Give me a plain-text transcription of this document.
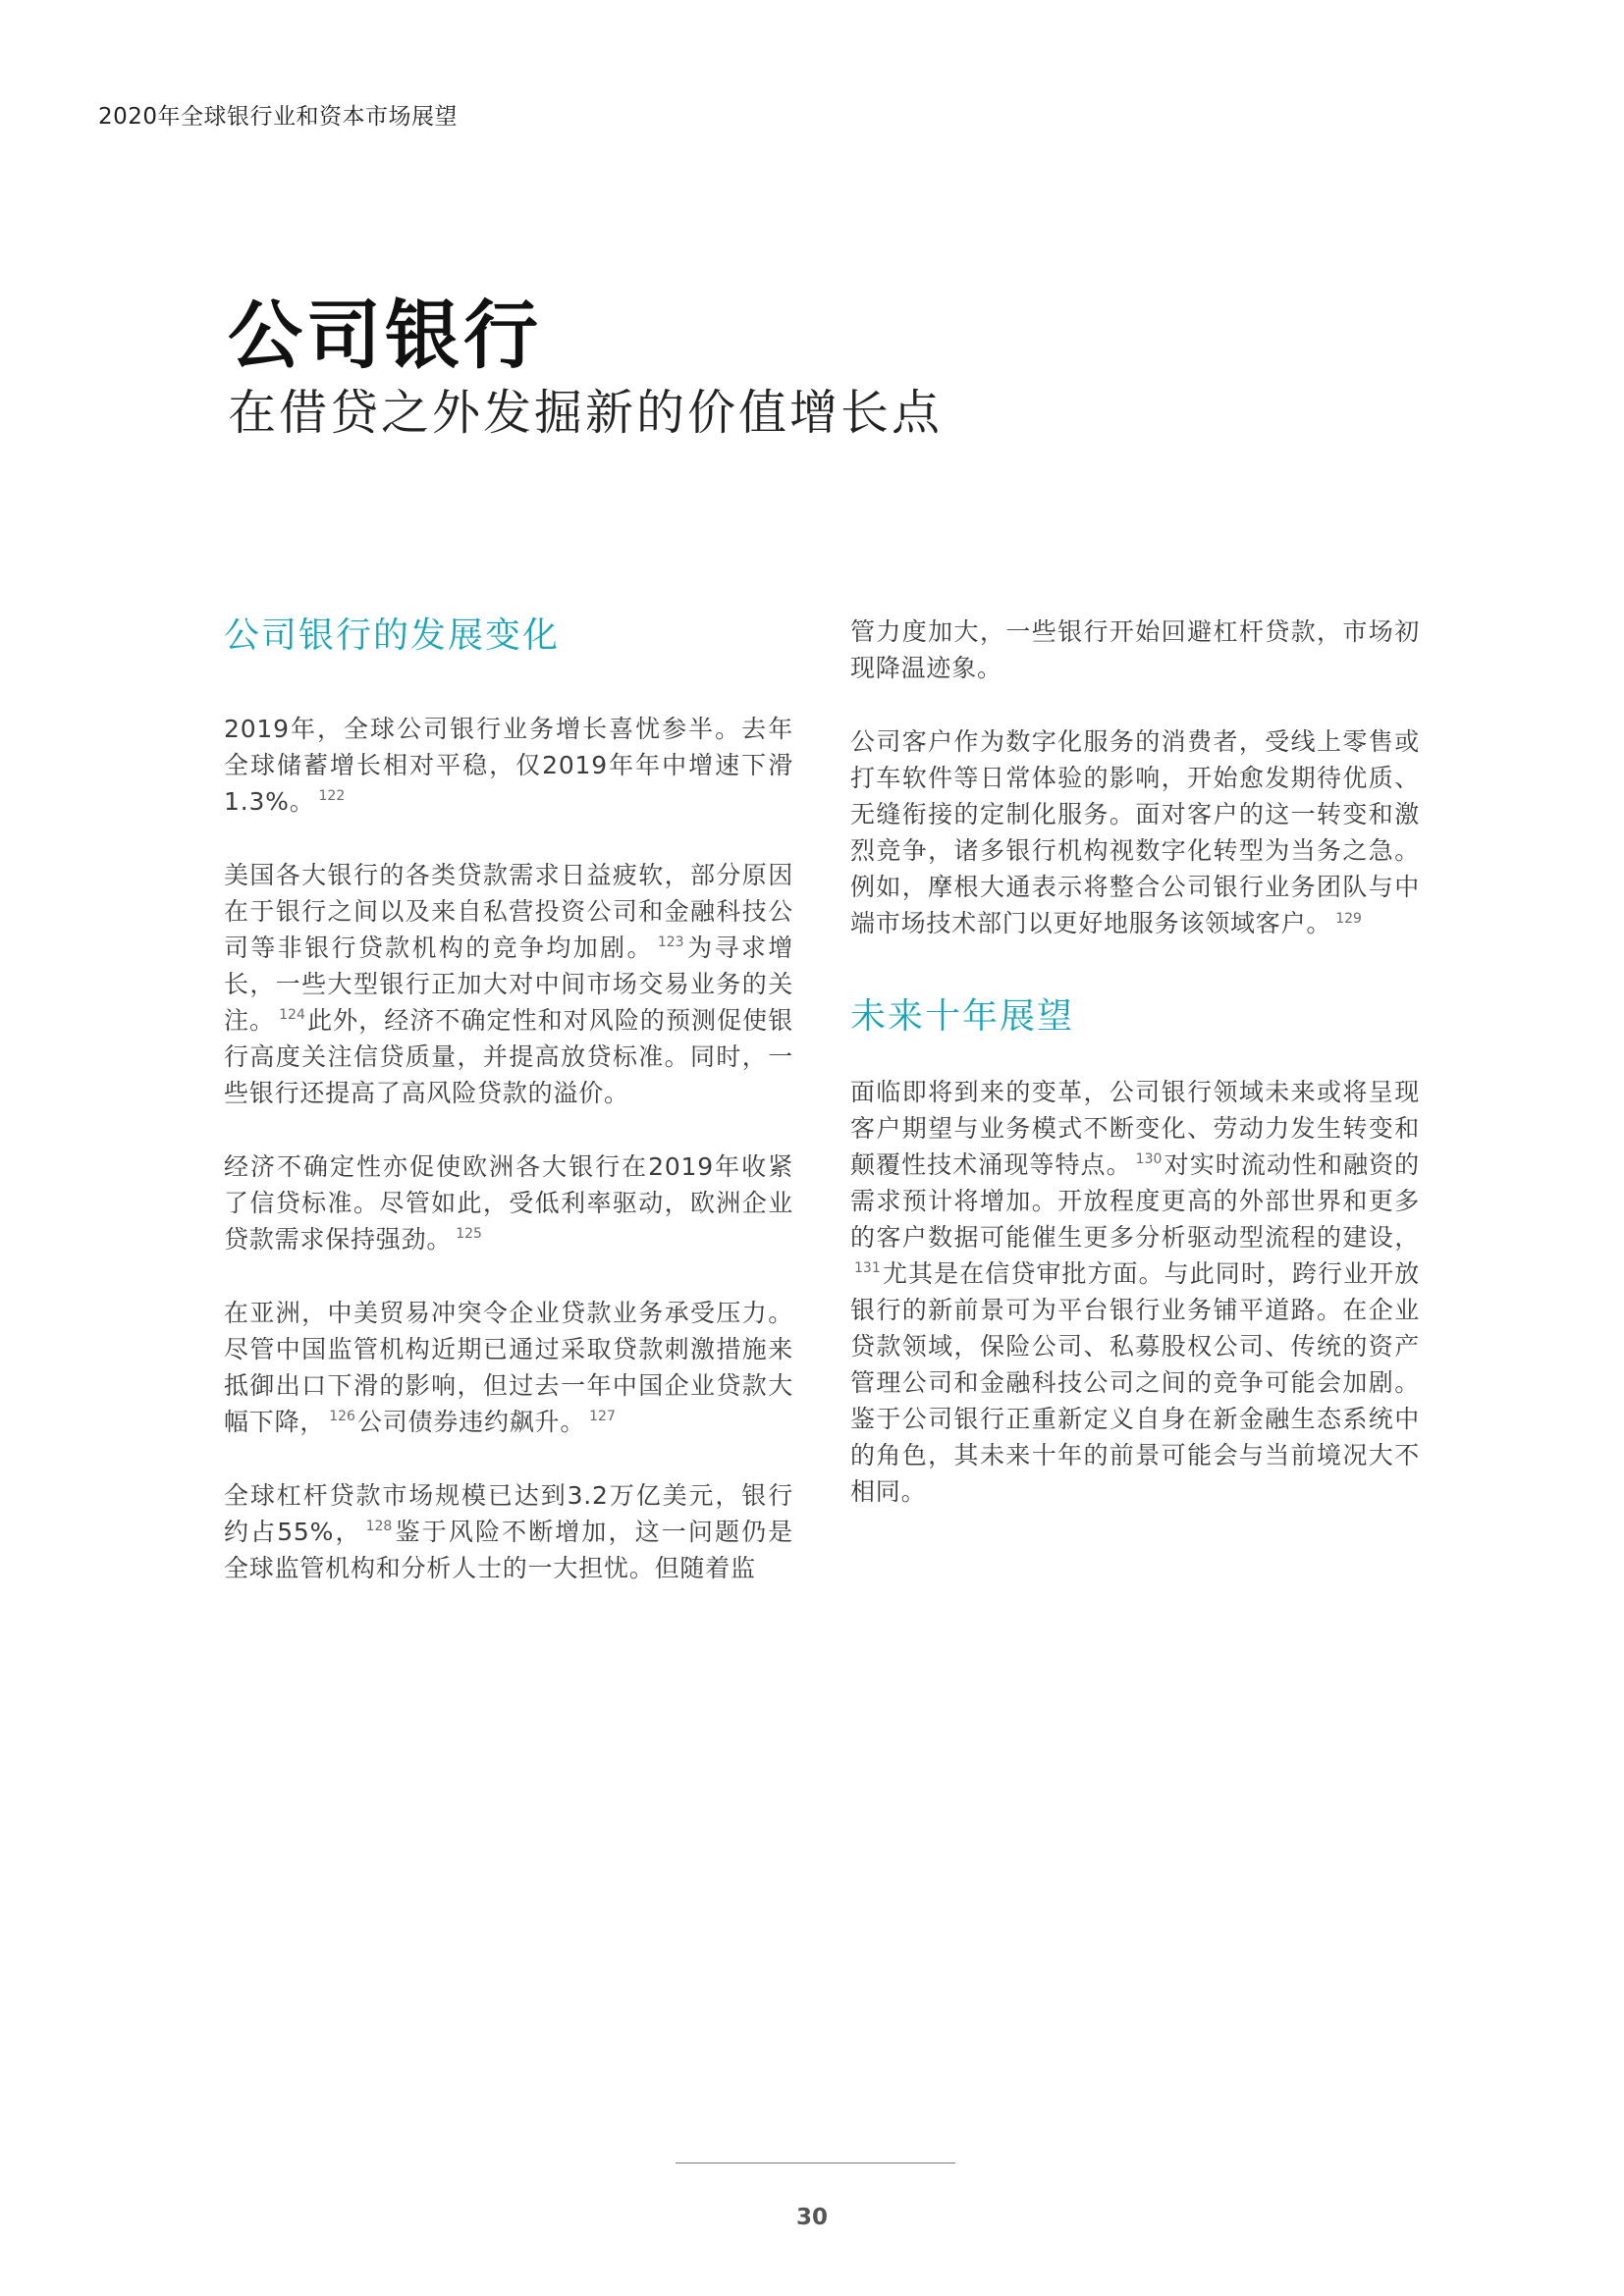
2020年全球银行业和资本市场展望
公司银行
在借贷之外发掘新的价值增长点
公司银行的发展变化

2019年，全球公司银行业务增长喜忧参半。去年全球储蓄增长相对平稳，仅2019年年中增速下滑1.3%。 $^{122}$

美国各大银行的各类贷款需求日益疲软，部分原因在于银行之间以及来自私营投资公司和金融科技公司等非银行贷款机构的竞争均加剧。 $^{123}$为寻求增长，一些大型银行正加大对中间市场交易业务的关注。 $^{124}$此外，经济不确定性和对风险的预测促使银行高度关注信贷质量，并提高放贷标准。同时，一些银行还提高了高风险贷款的溢价。

经济不确定性亦促使欧洲各大银行在2019年收紧了信贷标准。尽管如此，受低利率驱动，欧洲企业贷款需求保持强劲。 $^{125}$

在亚洲，中美贸易冲突令企业贷款业务承受压力。尽管中国监管机构近期已通过采取贷款刺激措施来抵御出口下滑的影响，但过去一年中国企业贷款大幅下降， $^{126}$公司债券违约飙升。 $^{127}$

全球杠杆贷款市场规模已达到3.2万亿美元，银行约占55%， $^{128}$鉴于风险不断增加，这一问题仍是全球监管机构和分析人士的一大担忧。但随着监

管力度加大，一些银行开始回避杠杆贷款，市场初现降温迹象。

公司客户作为数字化服务的消费者，受线上零售或打车软件等日常体验的影响，开始愈发期待优质、无缝衔接的定制化服务。面对客户的这一转变和激烈竞争，诸多银行机构视数字化转型为当务之急。例如，摩根大通表示将整合公司银行业务团队与中端市场技术部门以更好地服务该领域客户。 $^{129}$

未来十年展望

面临即将到来的变革，公司银行领域未来或将呈现客户期望与业务模式不断变化、劳动力发生转变和颠覆性技术涌现等特点。 $^{130}$对实时流动性和融资的需求预计将增加。开放程度更高的外部世界和更多的客户数据可能催生更多分析驱动型流程的建设，$^{131}$尤其是在信贷审批方面。与此同时，跨行业开放银行的新前景可为平台银行业务铺平道路。在企业贷款领域，保险公司、私募股权公司、传统的资产管理公司和金融科技公司之间的竞争可能会加剧。鉴于公司银行正重新定义自身在新金融生态系统中的角色，其未来十年的前景可能会与当前境况大不相同。

30
